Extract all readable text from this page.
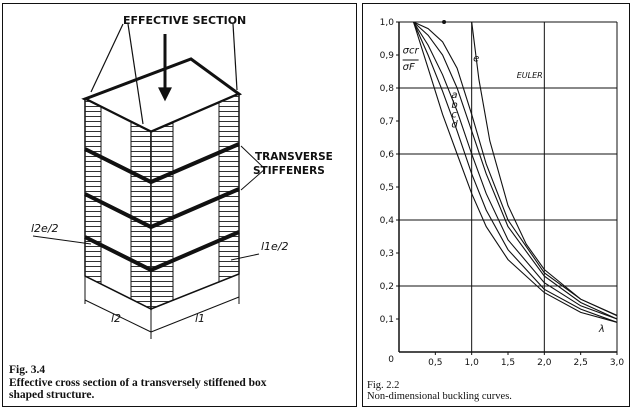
EFFECTIVE SECTION
TRANSVERSE
STIFFENERS
l2e/2
l1e/2
l2	l1
Fig. 3.4
Effective cross section of a transversely stiffened box
shaped structure.
0,1
0,2
0,3
0,4
0,5
0,6
0,7
0,8
0,9
1,0
0,5 1,0 1,5 2,0 2,5 3,0
0
EULER
e
a
b
c
d
σcr
σF
λ
Fig. 2.2
Non-dimensional buckling curves.
